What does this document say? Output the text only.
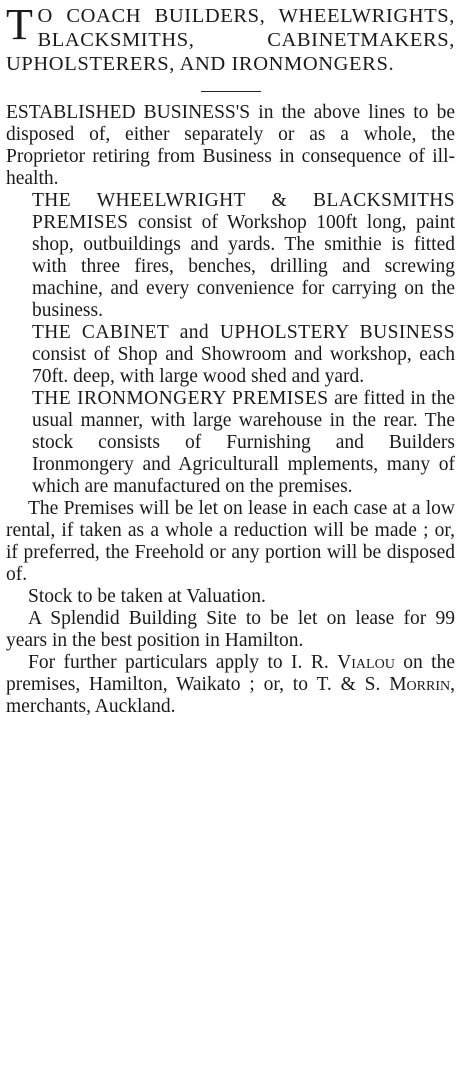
T O COACH BUILDERS, WHEELWRIGHTS, BLACKSMITHS, CABINETMAKERS, UPHOLSTERERS, AND IRONMONGERS.

ESTABLISHED BUSINESS'S in the above lines to be disposed of, either separately or as a whole, the Proprietor retiring from Business in consequence of ill-health.

THE WHEELWRIGHT & BLACKSMITHS PREMISES consist of Workshop 100ft long, paint shop, outbuildings and yards. The smithie is fitted with three fires, benches, drilling and screwing machine, and every convenience for carrying on the business.

THE CABINET and UPHOLSTERY BUSINESS consist of Shop and Showroom and workshop, each 70ft. deep, with large wood shed and yard.

THE IRONMONGERY PREMISES are fitted in the usual manner, with large warehouse in the rear. The stock consists of Furnishing and Builders Ironmongery and Agriculturall mplements, many of which are manufactured on the premises.

The Premises will be let on lease in each case at a low rental, if taken as a whole a reduction will be made ; or, if preferred, the Freehold or any portion will be disposed of.

Stock to be taken at Valuation.

A Splendid Building Site to be let on lease for 99 years in the best position in Hamilton.

For further particulars apply to I. R. Vialou on the premises, Hamilton, Waikato ; or, to T. & S. Morrin, merchants, Auckland.
